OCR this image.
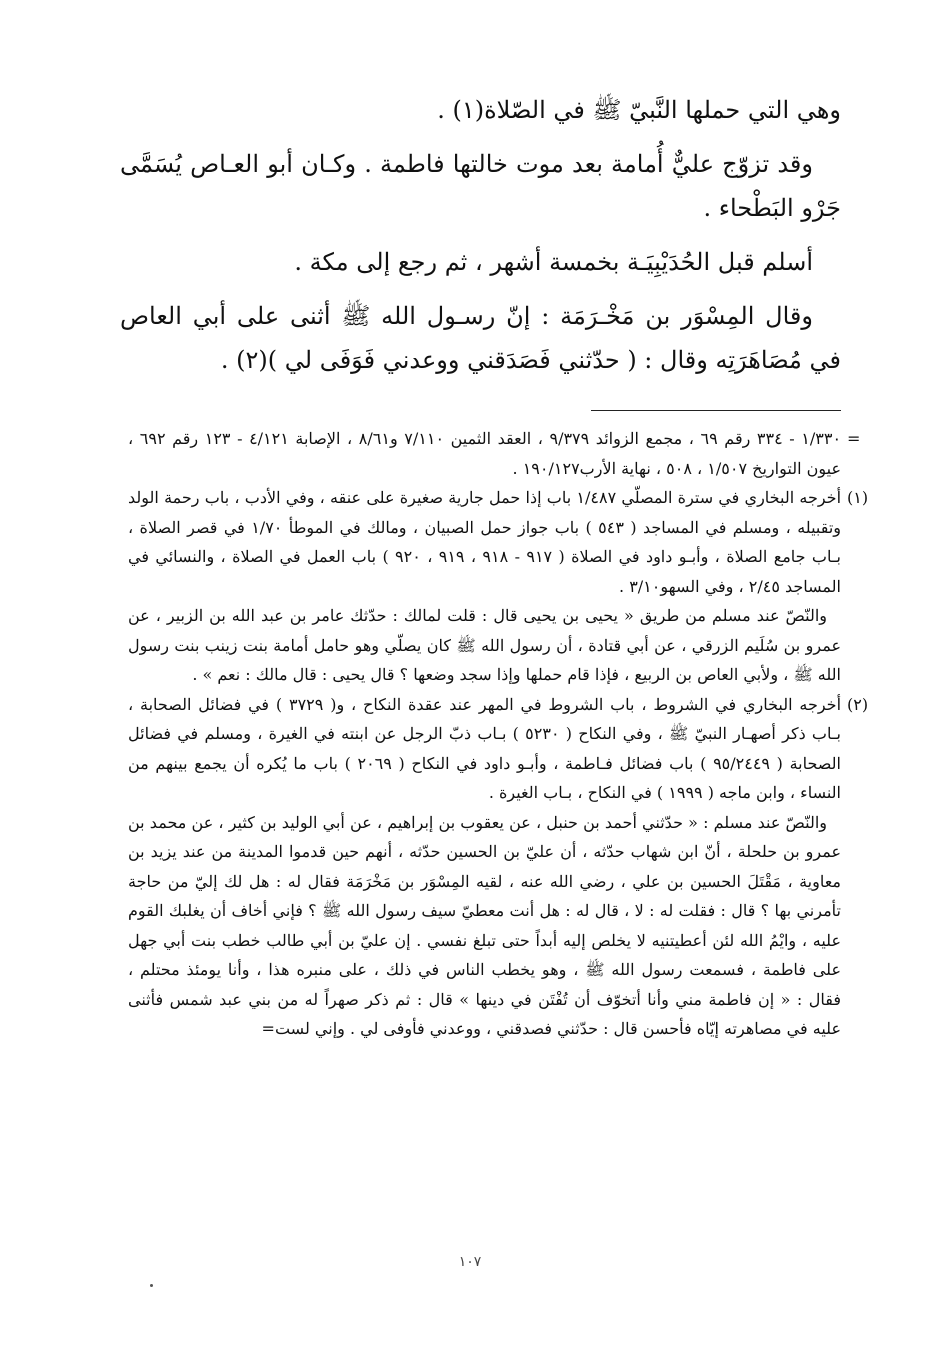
وهي التي حملها النَّبيّ ﷺ في الصّلاة(١) .

وقد تزوّج عليٌّ أُمامة بعد موت خالتها فاطمة . وكـان أبو العـاص يُسَمَّى جَرْو البَطْحاء .

أسلم قبل الحُدَيْبِيَـة بخمسة أشهر ، ثم رجع إلى مكة .

وقال المِسْوَر بن مَخْـرَمَة : إنّ رسـول الله ﷺ أثنى على أبي العاص في مُصَاهَرَتِه وقال : ( حدّثني فَصَدَقني ووعدني فَوَفَى لي )(٢) .

=

١/٣٣٠ - ٣٣٤ رقم ٦٩ ، مجمع الزوائد ٩/٣٧٩ ، العقد الثمين ٧/١١٠ و٨/٦١ ، الإصابة ٤/١٢١ - ١٢٣ رقم ٦٩٢ ، عيون التواريخ ١/٥٠٧ ، ٥٠٨ ، نهاية الأرب١٩٠/١٢٧ .

(١)

أخرجه البخاري في سترة المصلّي ١/٤٨٧ باب إذا حمل جارية صغيرة على عنقه ، وفي الأدب ، باب رحمة الولد وتقبيله ، ومسلم في المساجد ( ٥٤٣ ) باب جواز حمل الصبيان ، ومالك في الموطأ ١/٧٠ في قصر الصلاة ، بـاب جامع الصلاة ، وأبـو داود في الصلاة ( ٩١٧ - ٩١٨ ، ٩١٩ ، ٩٢٠ ) باب العمل في الصلاة ، والنسائي في المساجد ٢/٤٥ ، وفي السهو٣/١٠ .

والنّصّ عند مسلم من طريق « يحيى بن يحيى قال : قلت لمالك : حدّثك عامر بن عبد الله بن الزبير ، عن عمرو بن سُلَيم الزرقي ، عن أبي قتادة ، أن رسول الله ﷺ كان يصلّي وهو حامل أمامة بنت زينب بنت رسول الله ﷺ ، ولأبي العاص بن الربيع ، فإذا قام حملها وإذا سجد وضعها ؟ قال يحيى : قال مالك : نعم » .

(٢)

أخرجه البخاري في الشروط ، باب الشروط في المهر عند عقدة النكاح ، و( ٣٧٢٩ ) في فضائل الصحابة ، بـاب ذكر أصهـار النبيّ ﷺ ، وفي النكاح ( ٥٢٣٠ ) بـاب ذبّ الرجل عن ابنته في الغيرة ، ومسلم في فضائل الصحابة ( ٩٥/٢٤٤٩ ) باب فضائل فـاطمة ، وأبـو داود في النكاح ( ٢٠٦٩ ) باب ما يُكره أن يجمع بينهم من النساء ، وابن ماجه ( ١٩٩٩ ) في النكاح ، بـاب الغيرة .

والنّصّ عند مسلم : « حدّثني أحمد بن حنبل ، عن يعقوب بن إبراهيم ، عن أبي الوليد بن كثير ، عن محمد بن عمرو بن حلحلة ، أنّ ابن شهاب حدّثه ، أن عليّ بن الحسين حدّثه ، أنهم حين قدموا المدينة من عند يزيد بن معاوية ، مَقْتَلَ الحسين بن علي ، رضي الله عنه ، لقيه المِسْوَر بن مَخْرَمَة فقال له : هل لك إليّ من حاجة تأمرني بها ؟ قال : فقلت له : لا ، قال له : هل أنت معطيّ سيف رسول الله ﷺ ؟ فإني أخاف أن يغلبك القوم عليه ، وايْمُ الله لئن أعطيتنيه لا يخلص إليه أبداً حتى تبلغ نفسي . إن عليّ بن أبي طالب خطب بنت أبي جهل على فاطمة ، فسمعت رسول الله ﷺ ، وهو يخطب الناس في ذلك ، على منبره هذا ، وأنا يومئذ محتلم ، فقال : « إن فاطمة مني وأنا أتخوّف أن تُفْتَن في دينها » قال : ثم ذكر صهراً له من بني عبد شمس فأثنى عليه في مصاهرته إيّاه فأحسن قال : حدّثني فصدقني ، ووعدني فأوفى لي . وإني لست=

١٠٧
